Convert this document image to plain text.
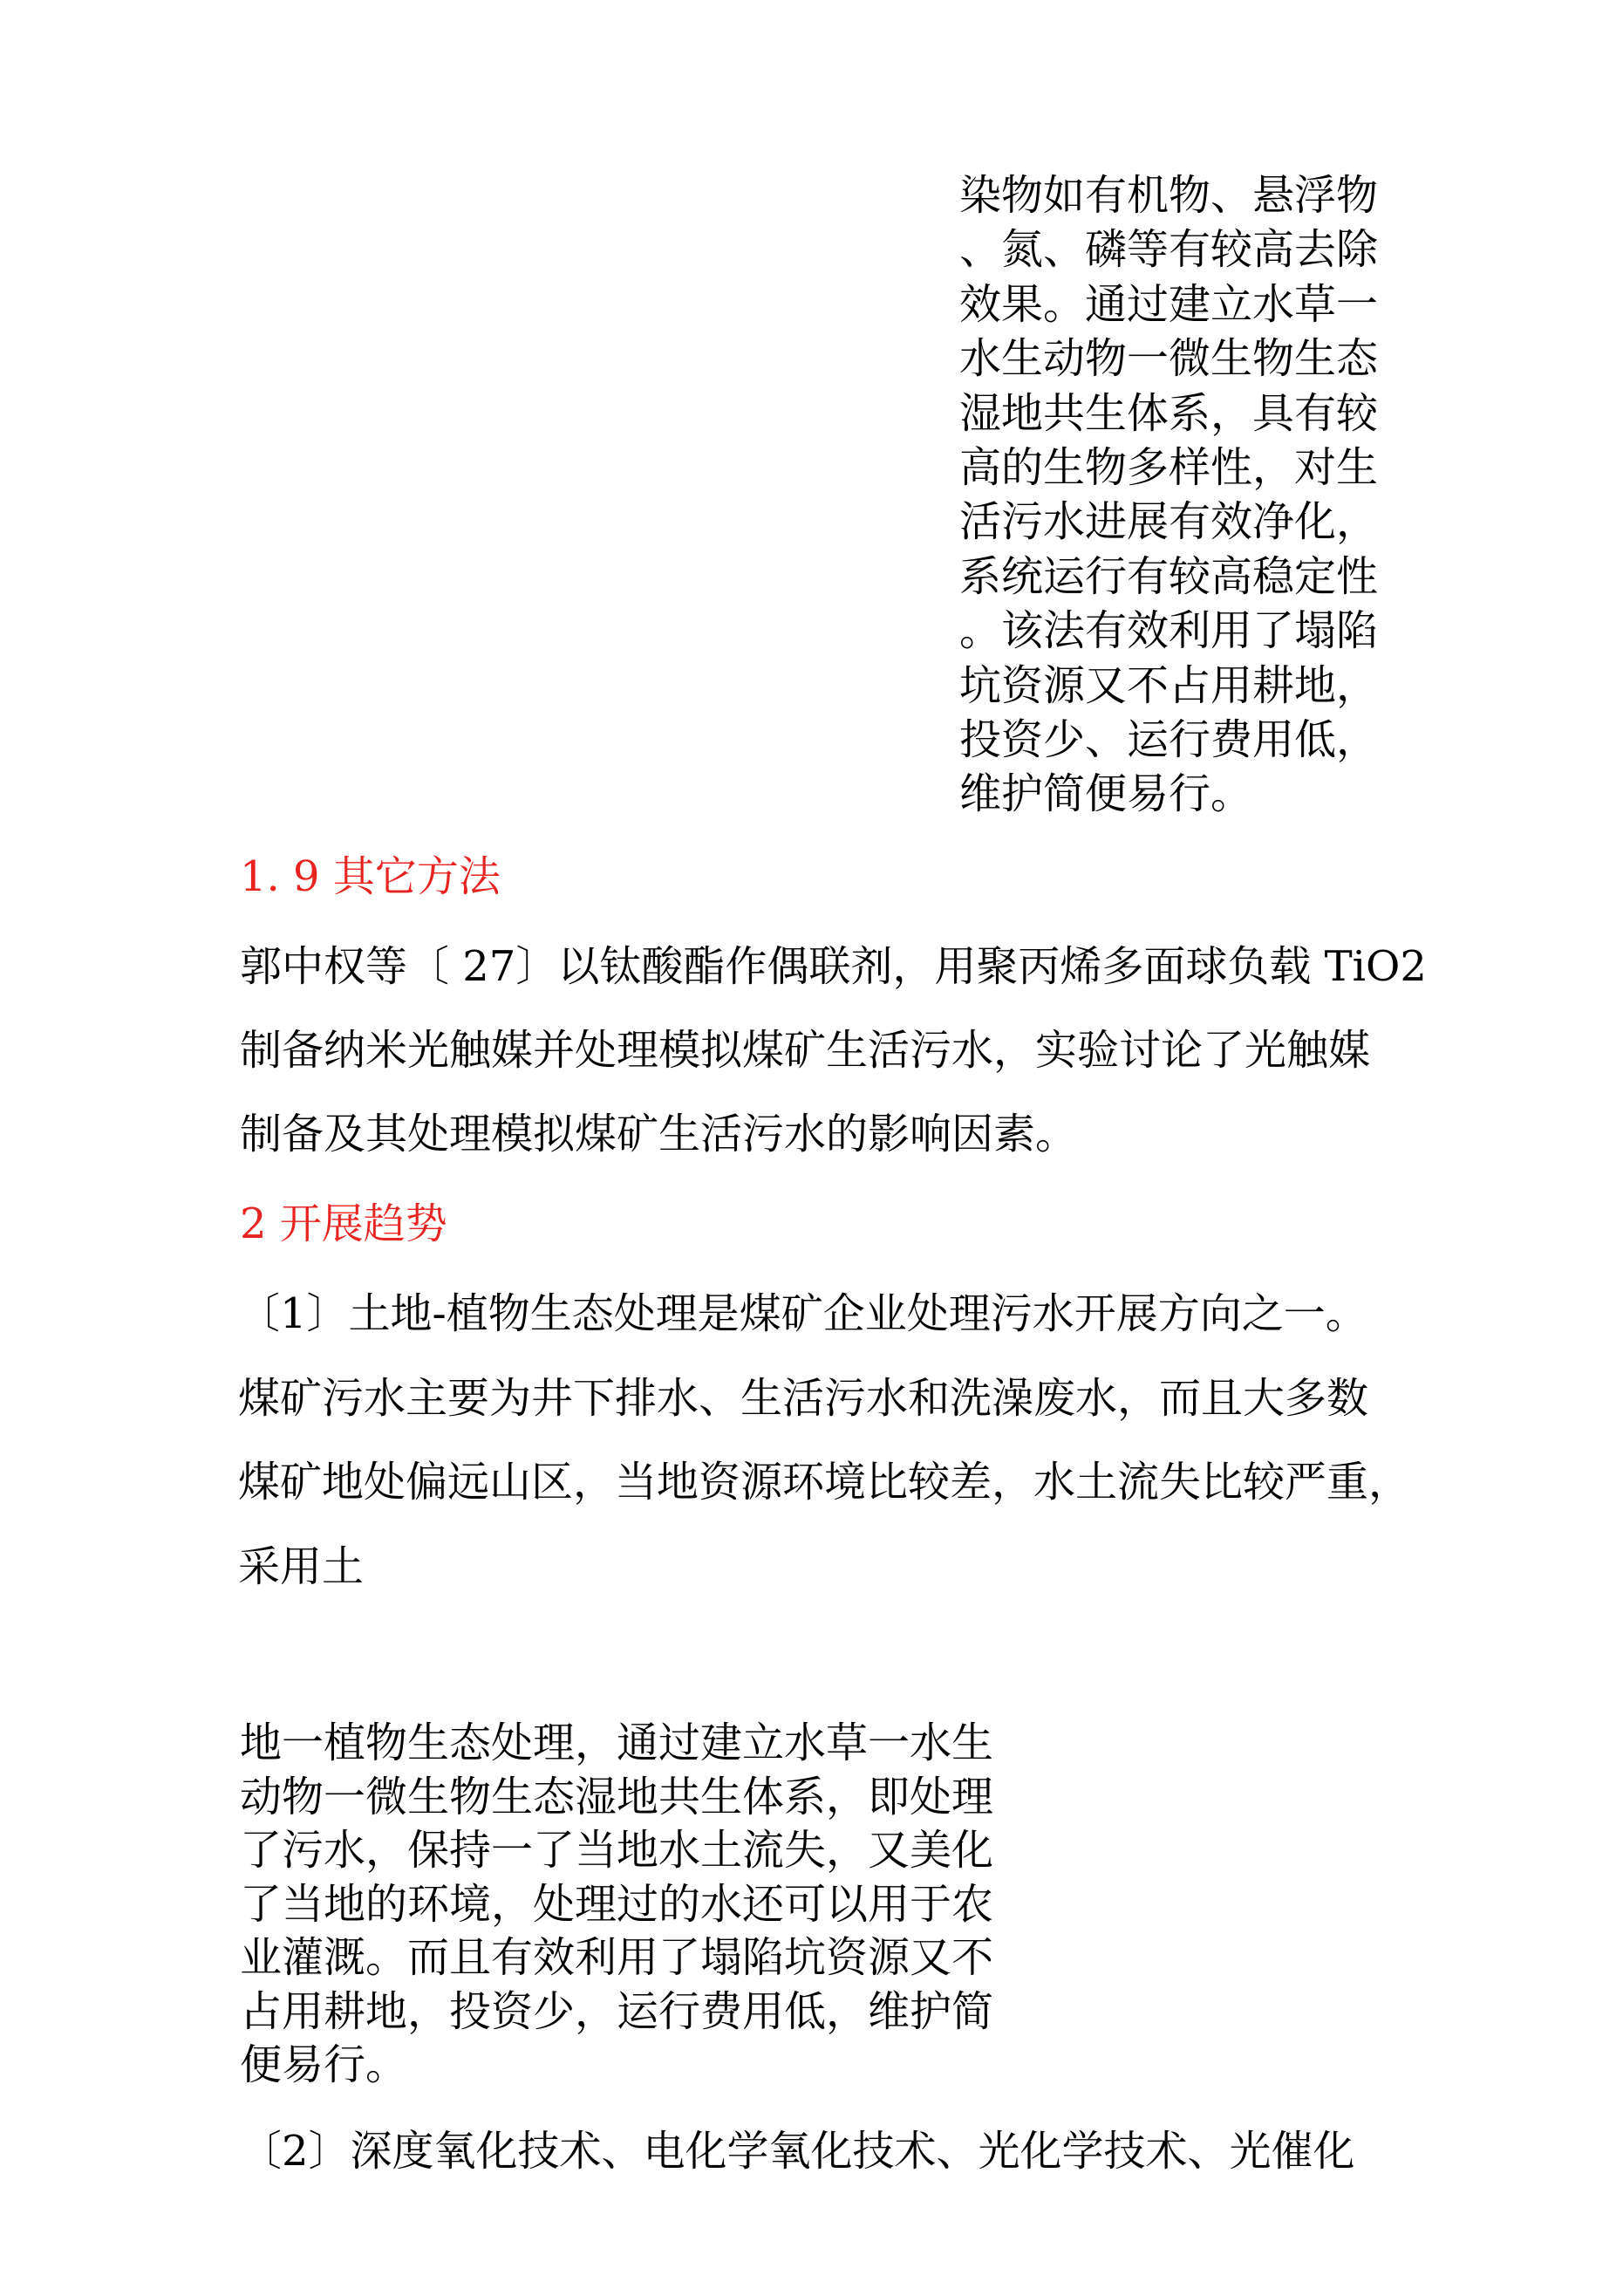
染物如有机物、悬浮物
、氮、磷等有较高去除
效果。通过建立水草一
水生动物一微生物生态
湿地共生体系，具有较
高的生物多样性，对生
活污水进展有效净化，
系统运行有较高稳定性
。该法有效利用了塌陷
坑资源又不占用耕地，
投资少、运行费用低，
维护简便易行。
1. 9 其它方法
郭中权等〔 27〕以钛酸酯作偶联剂，用聚丙烯多面球负载 TiO2
制备纳米光触媒并处理模拟煤矿生活污水，实验讨论了光触媒
制备及其处理模拟煤矿生活污水的影响因素。
2 开展趋势
〔1〕土地-植物生态处理是煤矿企业处理污水开展方向之一。
煤矿污水主要为井下排水、生活污水和洗澡废水，而且大多数
煤矿地处偏远山区，当地资源环境比较差，水土流失比较严重，
采用土
地一植物生态处理，通过建立水草一水生
动物一微生物生态湿地共生体系，即处理
了污水，保持一了当地水土流失，又美化
了当地的环境，处理过的水还可以用于农
业灌溉。而且有效利用了塌陷坑资源又不
占用耕地，投资少，运行费用低，维护简
便易行。
〔2〕深度氧化技术、电化学氧化技术、光化学技术、光催化
